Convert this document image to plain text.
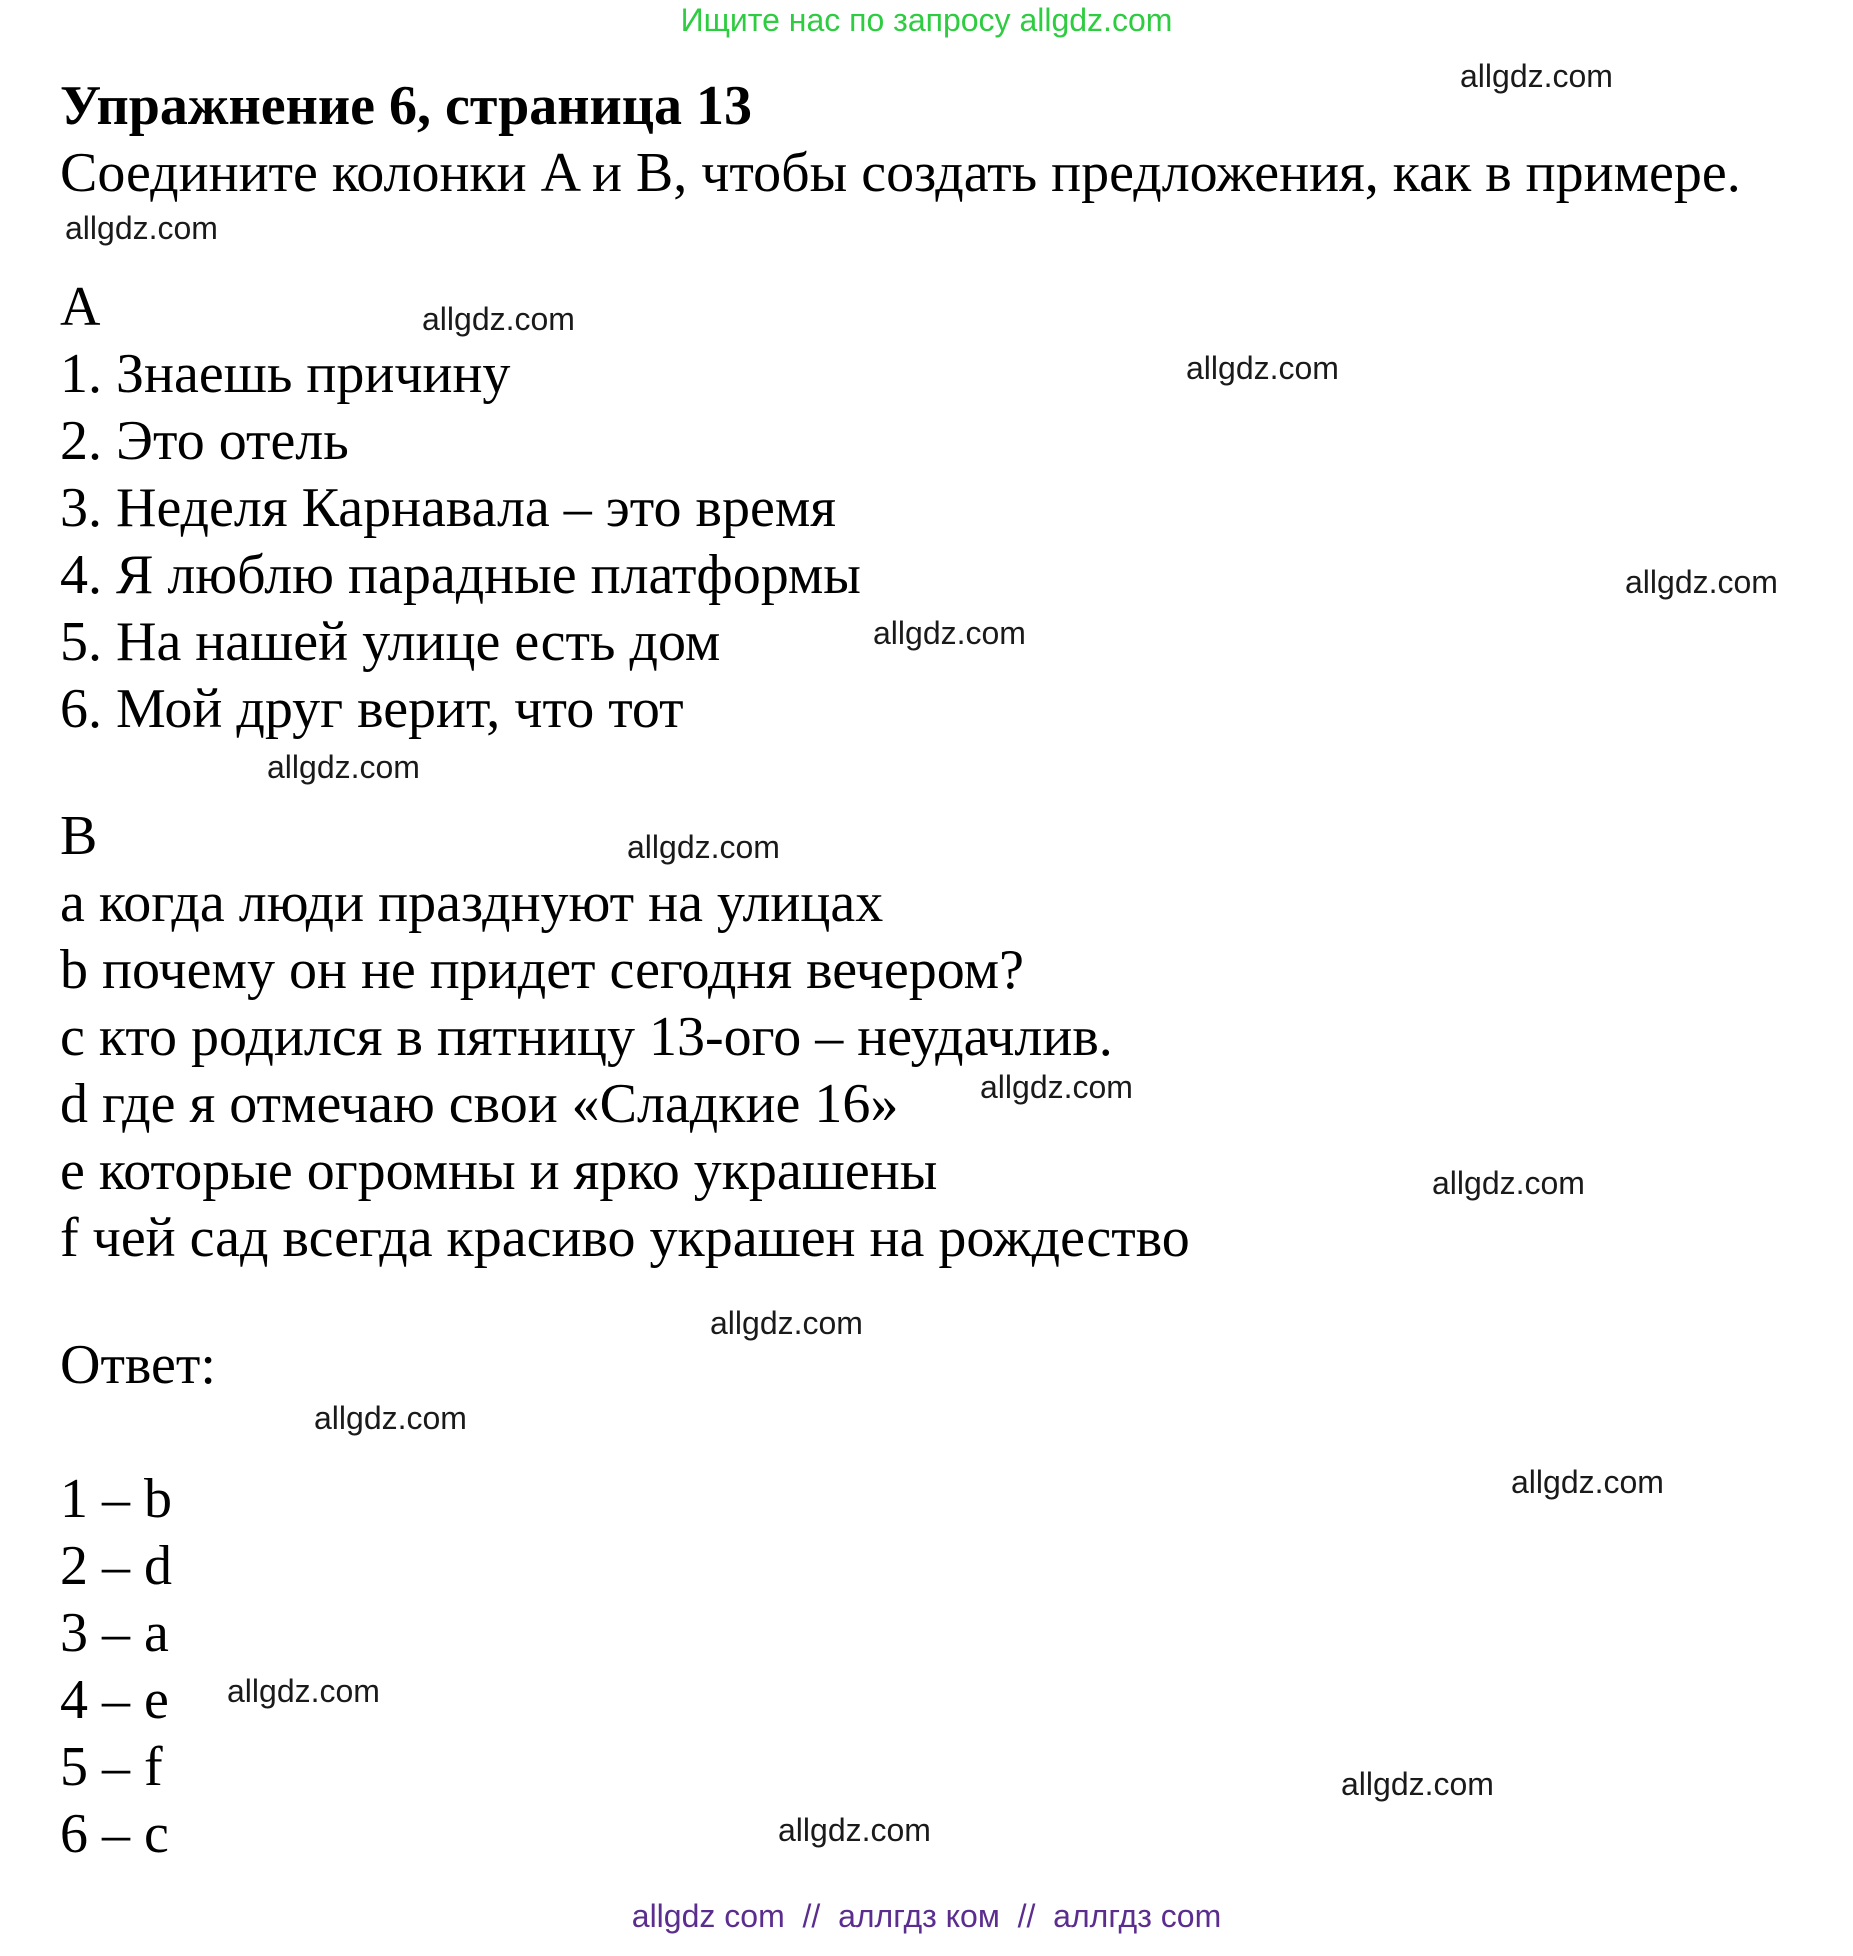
Ищите нас по запросу allgdz.com
Упражнение 6, страница 13

Соедините колонки A и B, чтобы создать предложения, как в примере.

A

1. Знаешь причину

2. Это отель

3. Неделя Карнавала – это время

4. Я люблю парадные платформы

5. На нашей улице есть дом

6. Мой друг верит, что тот

B

a когда люди празднуют на улицах

b почему он не придет сегодня вечером?

c кто родился в пятницу 13-ого – неудачлив.

d где я отмечаю свои «Сладкие 16»

e которые огромны и ярко украшены

f чей сад всегда красиво украшен на рождество

Ответ:

1 – b

2 – d

3 – a

4 – e

5 – f

6 – c

allgdz.com
allgdz.com
allgdz.com
allgdz.com
allgdz.com
allgdz.com
allgdz.com
allgdz.com
allgdz.com
allgdz.com
allgdz.com
allgdz.com
allgdz.com
allgdz.com
allgdz.com
allgdz.com
allgdz com  //  аллгдз ком  //  аллгдз com
